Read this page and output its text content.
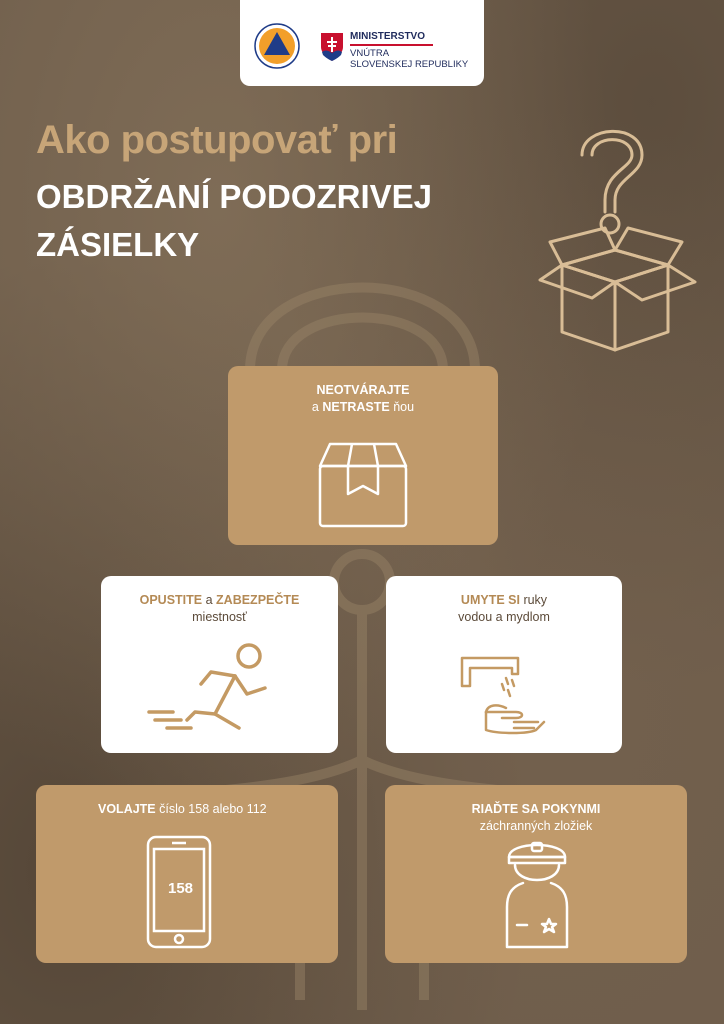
MINISTERSTVO
VNÚTRA
SLOVENSKEJ REPUBLIKY
Ako postupovať pri
OBDRŽANÍ PODOZRIVEJ
ZÁSIELKY
NEOTVÁRAJTE
a NETRASTE ňou
OPUSTITE a ZABEZPEČTE
miestnosť
UMYTE SI ruky
vodou a mydlom
VOLAJTE číslo 158 alebo 112
158
RIAĎTE SA POKYNMI
záchranných zložiek
